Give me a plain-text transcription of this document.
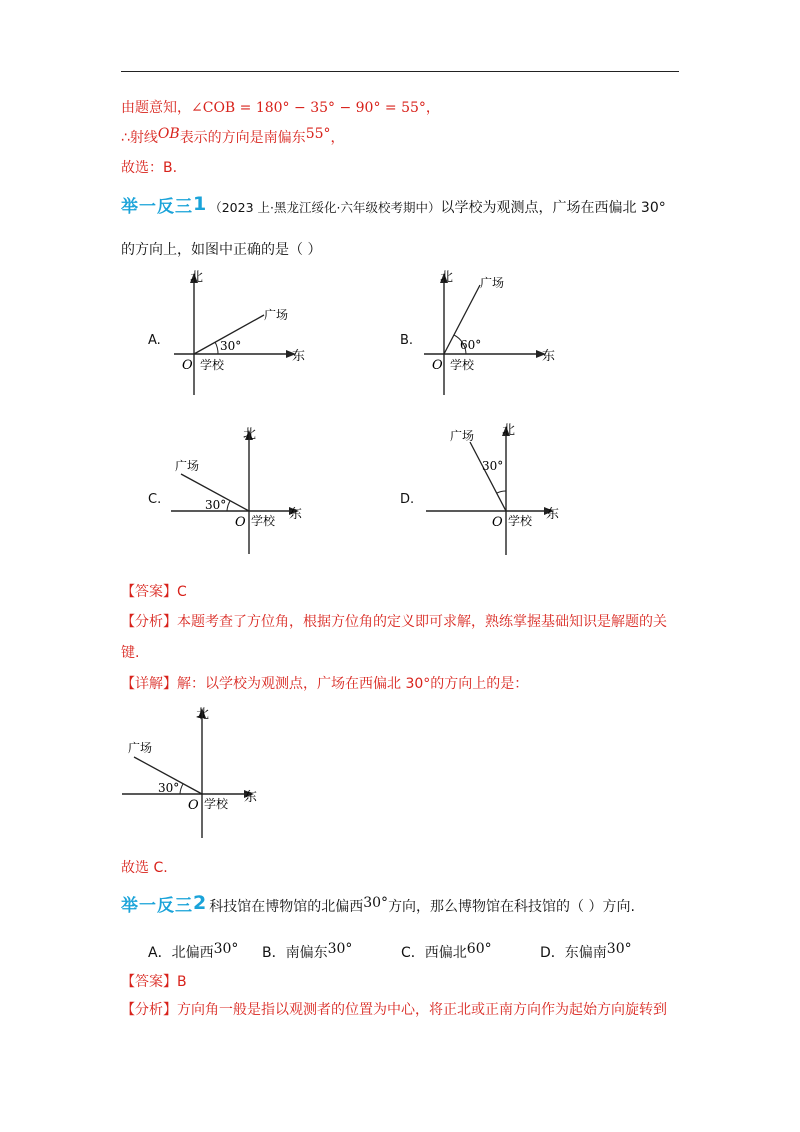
由题意知，∠COB = 180° − 35° − 90° = 55°，
∴射线OB表示的方向是南偏东55°，
故选：B.
举一反三1 （2023 上·黑龙江绥化·六年级校考期中）以学校为观测点，广场在西偏北 30°
的方向上，如图中正确的是（ ）
A.
北
东
广场
30°
O 学校
B.
北
东
广场
60°
O 学校
C.
北
东
广场
30°
O 学校
D.
北
东
广场
30°
O 学校
【答案】C
【分析】本题考查了方位角，根据方位角的定义即可求解，熟练掌握基础知识是解题的关
键.
【详解】解：以学校为观测点，广场在西偏北 30°的方向上的是：
北
东
广场
30°
O 学校
故选 C.
举一反三2 科技馆在博物馆的北偏西30°方向，那么博物馆在科技馆的（ ）方向.
A．北偏西30° B．南偏东30°	C．西偏北60°	D．东偏南30°
【答案】B
【分析】方向角一般是指以观测者的位置为中心，将正北或正南方向作为起始方向旋转到
